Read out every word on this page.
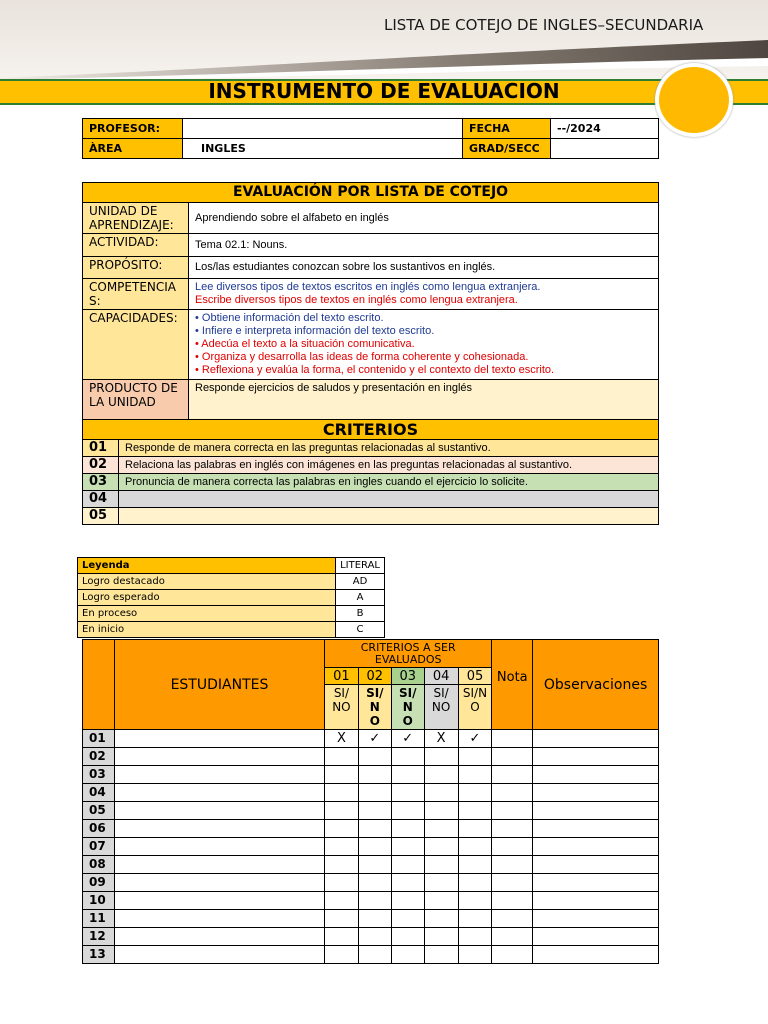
LISTA DE COTEJO DE INGLES–SECUNDARIA
INSTRUMENTO DE EVALUACION
PROFESOR:		FECHA	--/2024
ÀREA	INGLES	GRAD/SECC	
EVALUACIÓN POR LISTA DE COTEJO	
UNIDAD DE APRENDIZAJE:	Aprendiendo sobre el alfabeto en inglés
ACTIVIDAD:	Tema 02.1: Nouns.
PROPÓSITO:	Los/las estudiantes conozcan sobre los sustantivos en inglés.
COMPETENCIAS:	Lee diversos tipos de textos escritos en inglés como lengua extranjera.
Escribe diversos tipos de textos en inglés como lengua extranjera.

CAPACIDADES:	• Obtiene información del texto escrito.
• Infiere e interpreta información del texto escrito.
• Adecúa el texto a la situación comunicativa.
• Organiza y desarrolla las ideas de forma coherente y cohesionada.
• Reflexiona y evalúa la forma, el contenido y el contexto del texto escrito.

PRODUCTO DE LA UNIDAD	Responde ejercicios de saludos y presentación en inglés
CRITERIOS	
01	Responde de manera correcta en las preguntas relacionadas al sustantivo.
02	Relaciona las palabras en inglés con imágenes en las preguntas relacionadas al sustantivo.
03	Pronuncia de manera correcta las palabras en ingles cuando el ejercicio lo solicite.
04	
05	
Leyenda	LITERAL
Logro destacado	AD
Logro esperado	A
En proceso	B
En inicio	C
	ESTUDIANTES	CRITERIOS A SER EVALUADOS					Nota	Observaciones
		01	02	03	04	05		
		SI/NO	SI/NO	SI/NO	SI/NO	SI/NO		
01		X	✓	✓	X	✓		
02								
03								
04								
05								
06								
07								
08								
09								
10								
11								
12								
13								
